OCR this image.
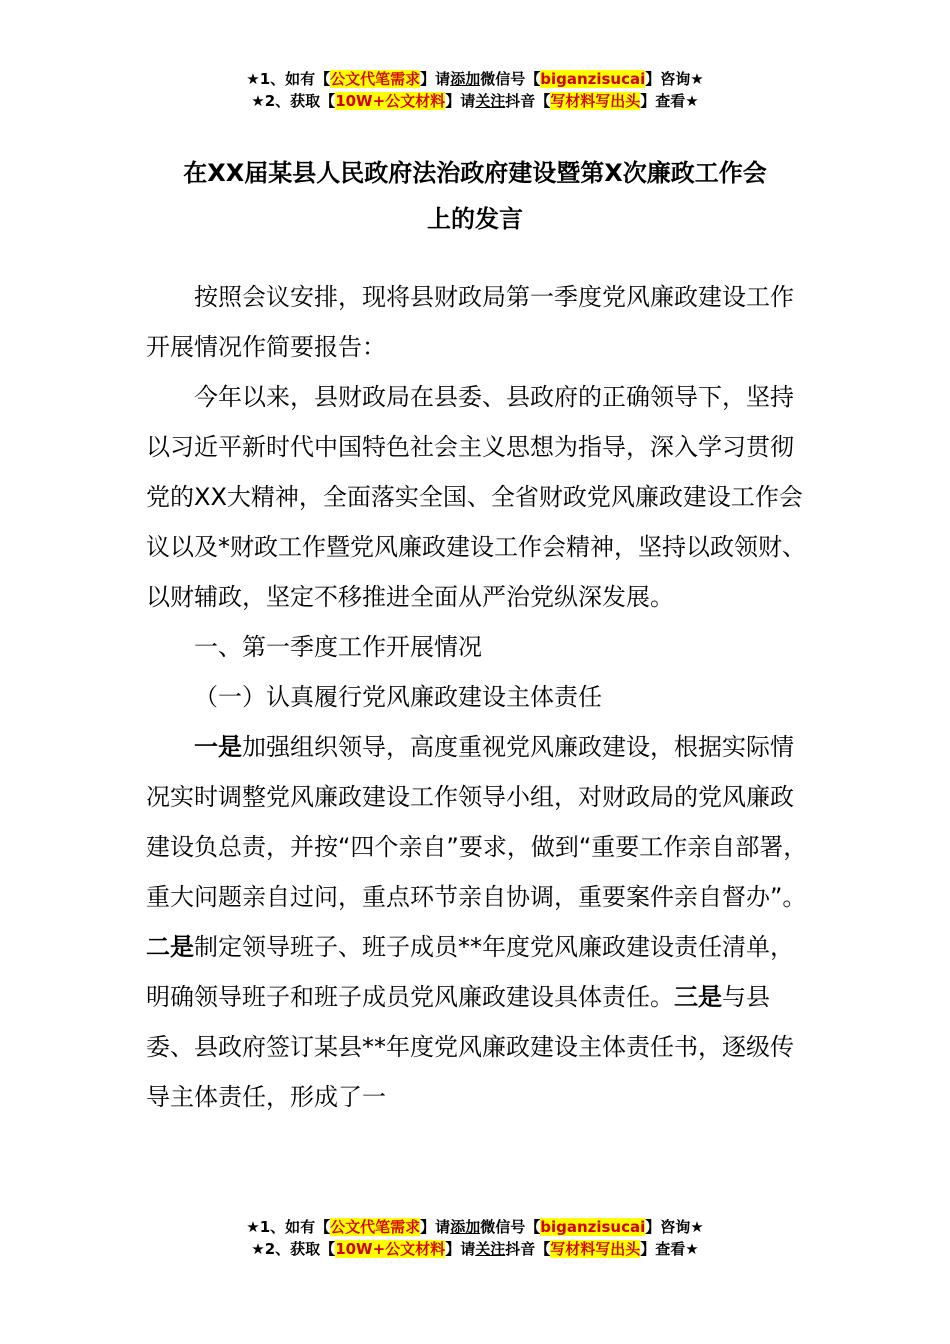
★1、如有【公文代笔需求】请添加微信号【biganzisucai】咨询★
★2、获取【10W+公文材料】请关注抖音【写材料写出头】查看★
在XX届某县人民政府法治政府建设暨第X次廉政工作会
上的发言

按照会议安排，现将县财政局第一季度党风廉政建设工作开展情况作简要报告：

今年以来，县财政局在县委、县政府的正确领导下，坚持以习近平新时代中国特色社会主义思想为指导，深入学习贯彻党的XX大精神，全面落实全国、全省财政党风廉政建设工作会议以及*财政工作暨党风廉政建设工作会精神，坚持以政领财、以财辅政，坚定不移推进全面从严治党纵深发展。

一、第一季度工作开展情况

（一）认真履行党风廉政建设主体责任

一是加强组织领导，高度重视党风廉政建设，根据实际情况实时调整党风廉政建设工作领导小组，对财政局的党风廉政建设负总责，并按“四个亲自”要求，做到“重要工作亲自部署，重大问题亲自过问，重点环节亲自协调，重要案件亲自督办”。二是制定领导班子、班子成员**年度党风廉政建设责任清单，明确领导班子和班子成员党风廉政建设具体责任。三是与县委、县政府签订某县**年度党风廉政建设主体责任书，逐级传导主体责任，形成了一

★1、如有【公文代笔需求】请添加微信号【biganzisucai】咨询★
★2、获取【10W+公文材料】请关注抖音【写材料写出头】查看★
